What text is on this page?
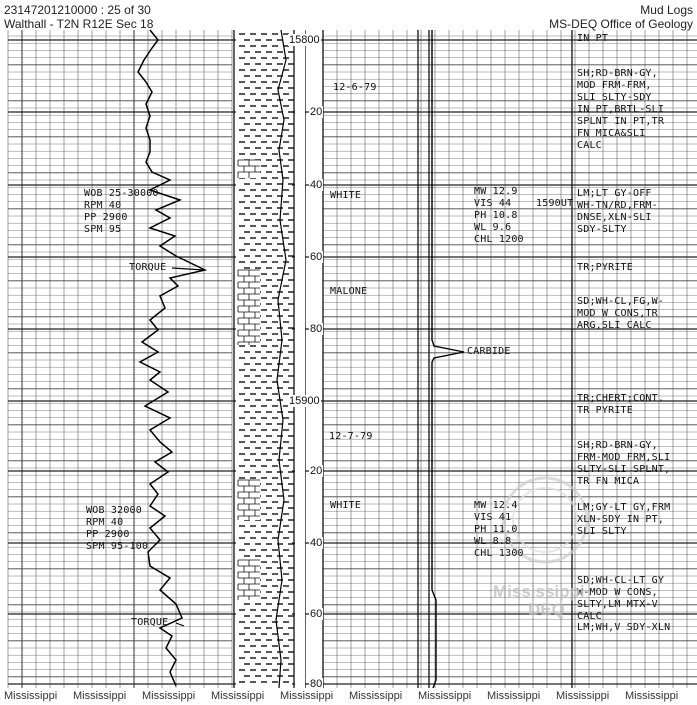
23147201210000 : 25 of 30
Walthall - T2N R12E Sec 18
Mud Logs
MS-DEQ Office of Geology
15800
20
40
60
80
15900
20
40
60
80
12-6-79
12-7-79
WOB 25-30000
RPM 40
PP 2900
SPM 95
WOB 32000
RPM 40
PP 2900
SPM 95-100
TORQUE
TORQUE
WHITE
MALONE
WHITE
MW 12.9
VIS 44 1590UT
PH 10.8
WL 9.6
CHL 1200
MW 12.4
VIS 41
PH 11.0
WL 8.8
CHL 1300
CARBIDE
IN PT
SH;RD-BRN-GY,
MOD FRM-FRM,
SLI SLTY-SDY
IN PT,BRTL-SLI
SPLNT IN PT,TR
FN MICA&SLI
CALC
LM;LT GY-OFF
WH-TN/RD,FRM-
DNSE,XLN-SLI
SDY-SLTY
TR;PYRITE
SD;WH-CL,FG,W-
MOD W CONS,TR
ARG,SLI CALC
TR;CHERT;CONT.
TR PYRITE
SH;RD-BRN-GY,
FRM-MOD FRM,SLI
SLTY-SLI SPLNT,
TR FN MICA
LM;GY-LT GY,FRM
XLN-SDY IN PT,
SLI SLTY
SD;WH-CL-LT GY
W-MOD W CONS,
SLTY,LM MTX-V
CALC
LM;WH,V SDY-XLN
Mississippi
DEQ
Mississippi Mississippi Mississippi Mississippi Mississippi Mississippi Mississippi Mississippi Mississippi Mississippi
